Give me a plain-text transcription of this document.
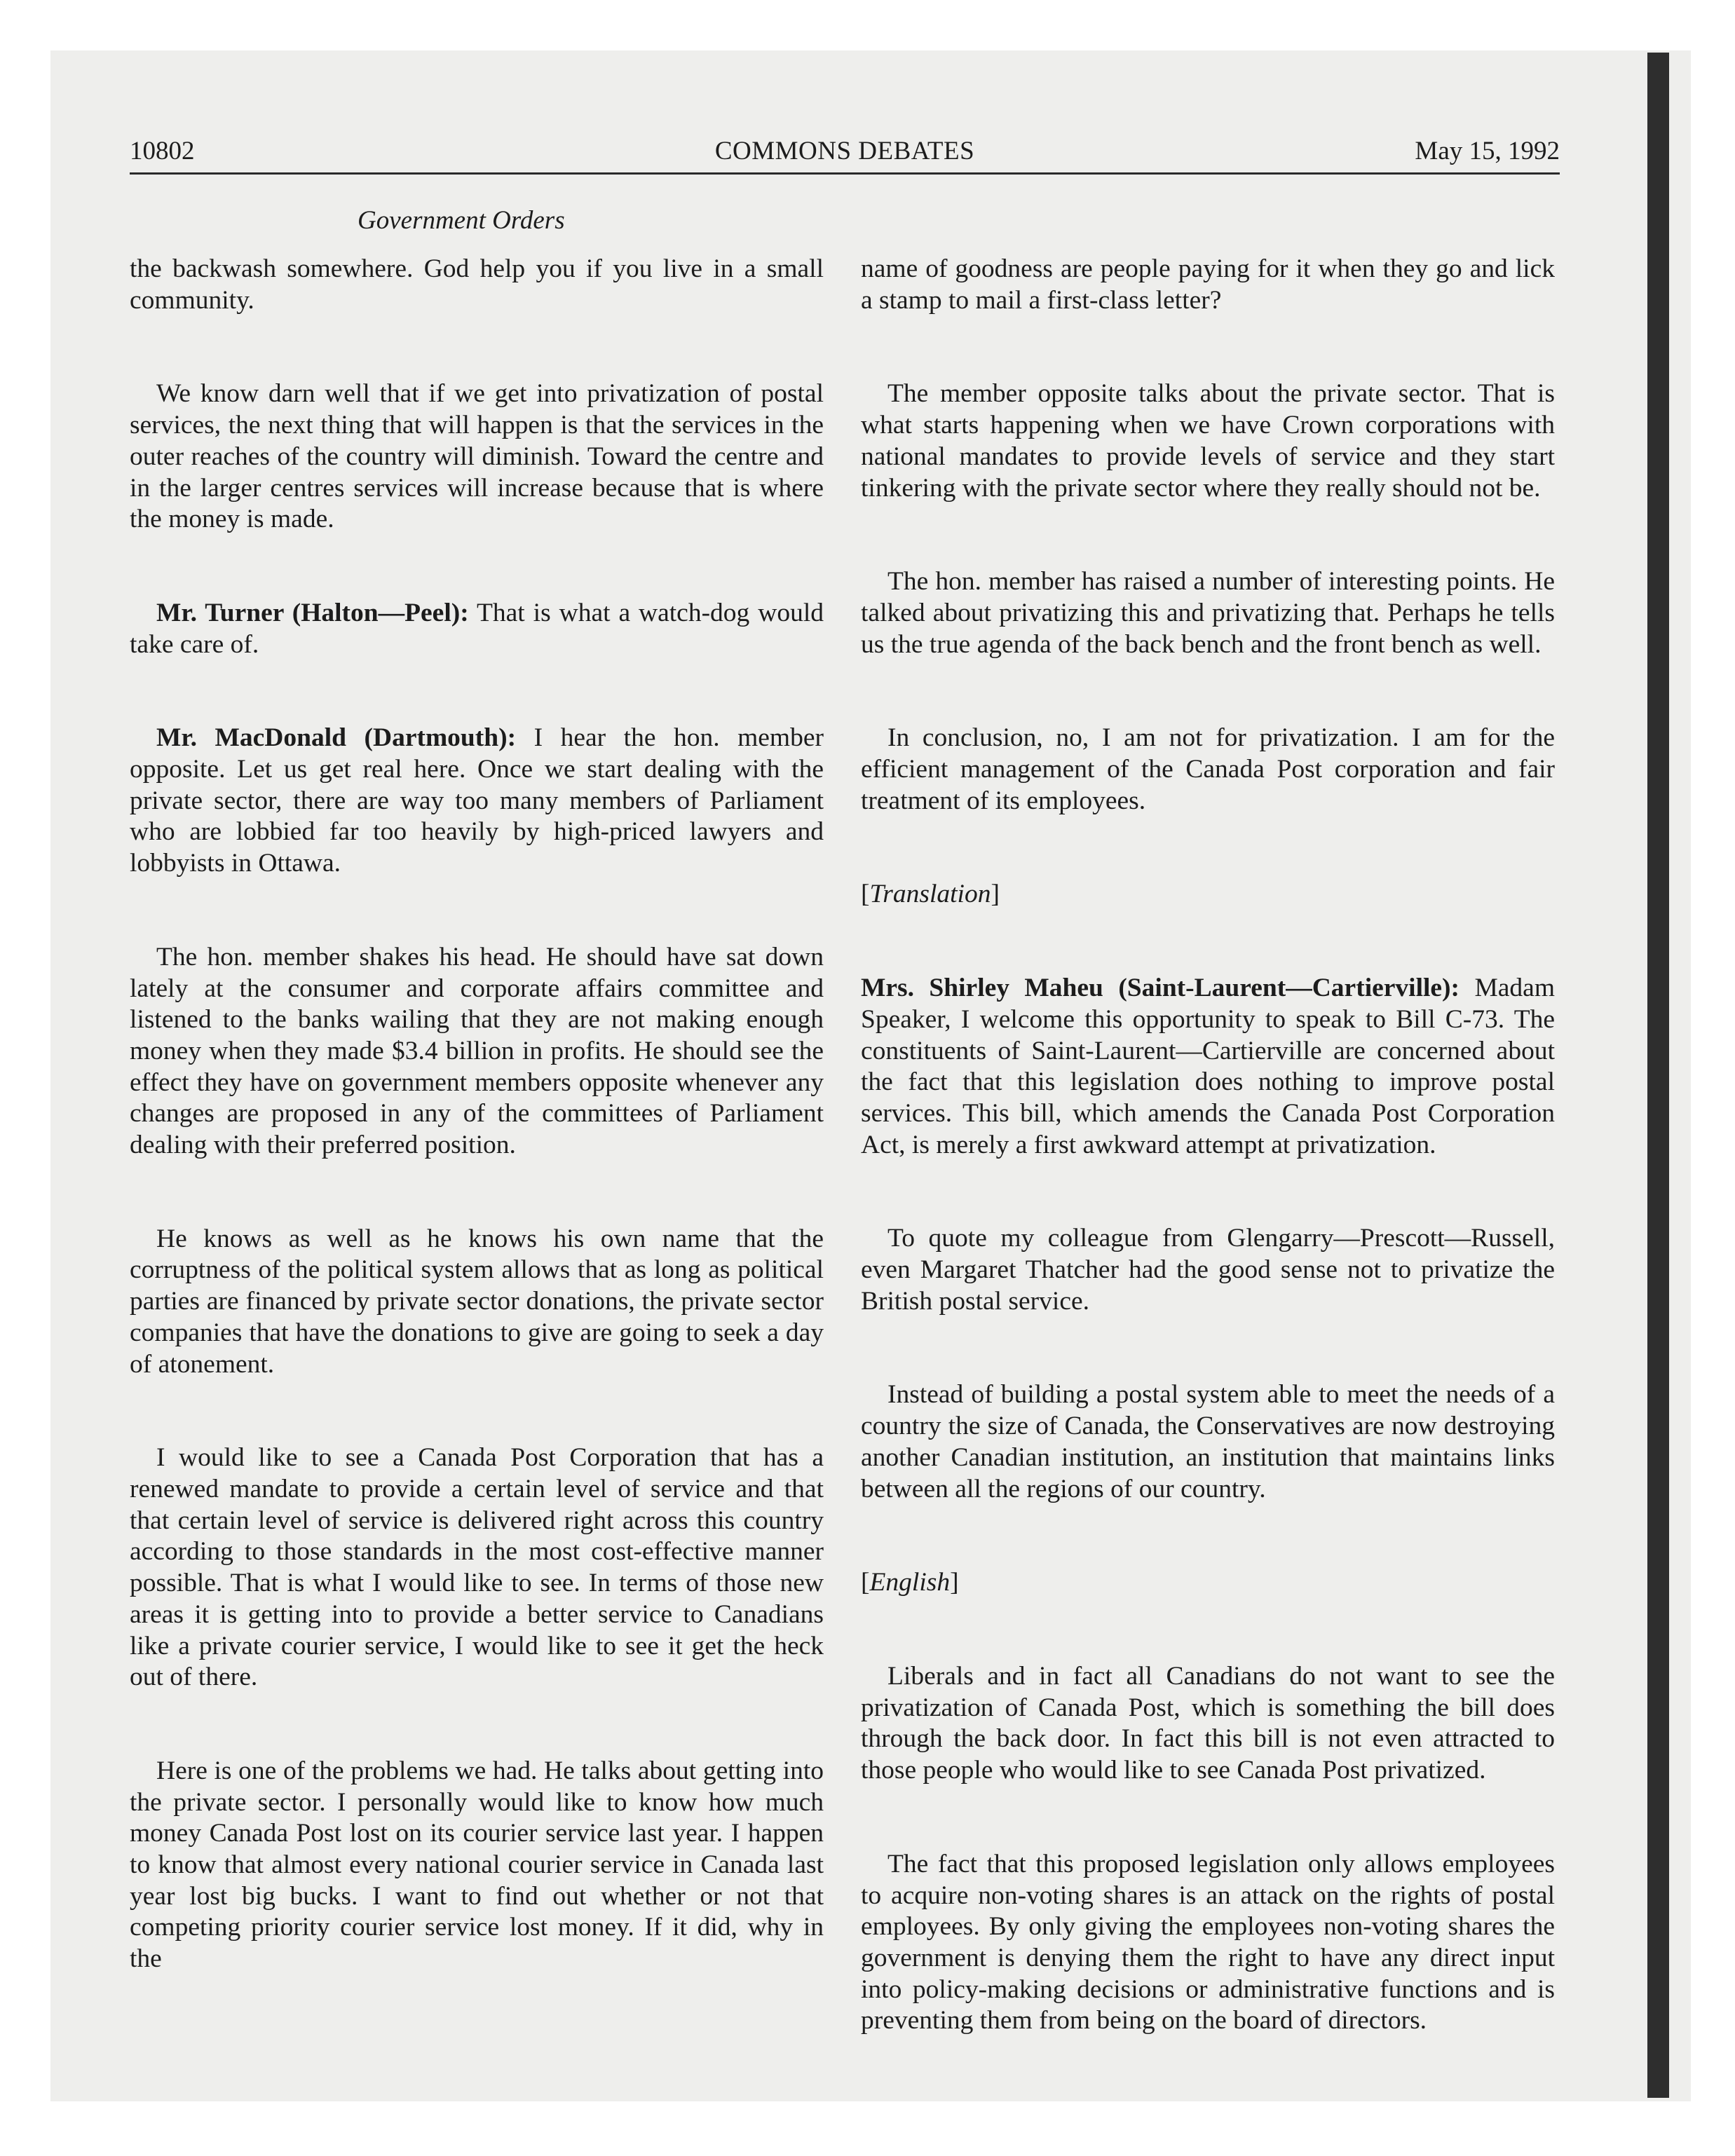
10802	COMMONS DEBATES	May 15, 1992
Government Orders

the backwash somewhere. God help you if you live in a small community.

We know darn well that if we get into privatization of postal services, the next thing that will happen is that the services in the outer reaches of the country will diminish. Toward the centre and in the larger centres services will increase because that is where the money is made.

Mr. Turner (Halton—Peel): That is what a watch-dog would take care of.

Mr. MacDonald (Dartmouth): I hear the hon. member opposite. Let us get real here. Once we start dealing with the private sector, there are way too many members of Parliament who are lobbied far too heavily by high-priced lawyers and lobbyists in Ottawa.

The hon. member shakes his head. He should have sat down lately at the consumer and corporate affairs committee and listened to the banks wailing that they are not making enough money when they made $3.4 billion in profits. He should see the effect they have on government members opposite whenever any changes are proposed in any of the committees of Parliament dealing with their preferred position.

He knows as well as he knows his own name that the corruptness of the political system allows that as long as political parties are financed by private sector donations, the private sector companies that have the donations to give are going to seek a day of atonement.

I would like to see a Canada Post Corporation that has a renewed mandate to provide a certain level of service and that that certain level of service is delivered right across this country according to those standards in the most cost-effective manner possible. That is what I would like to see. In terms of those new areas it is getting into to provide a better service to Canadians like a private courier service, I would like to see it get the heck out of there.

Here is one of the problems we had. He talks about getting into the private sector. I personally would like to know how much money Canada Post lost on its courier service last year. I happen to know that almost every national courier service in Canada last year lost big bucks. I want to find out whether or not that competing priority courier service lost money. If it did, why in the

name of goodness are people paying for it when they go and lick a stamp to mail a first-class letter?

The member opposite talks about the private sector. That is what starts happening when we have Crown corporations with national mandates to provide levels of service and they start tinkering with the private sector where they really should not be.

The hon. member has raised a number of interesting points. He talked about privatizing this and privatizing that. Perhaps he tells us the true agenda of the back bench and the front bench as well.

In conclusion, no, I am not for privatization. I am for the efficient management of the Canada Post corporation and fair treatment of its employees.

[Translation]

Mrs. Shirley Maheu (Saint-Laurent—Cartierville): Madam Speaker, I welcome this opportunity to speak to Bill C-73. The constituents of Saint-Laurent—Cartierville are concerned about the fact that this legislation does nothing to improve postal services. This bill, which amends the Canada Post Corporation Act, is merely a first awkward attempt at privatization.

To quote my colleague from Glengarry—Prescott—Russell, even Margaret Thatcher had the good sense not to privatize the British postal service.

Instead of building a postal system able to meet the needs of a country the size of Canada, the Conservatives are now destroying another Canadian institution, an institution that maintains links between all the regions of our country.

[English]

Liberals and in fact all Canadians do not want to see the privatization of Canada Post, which is something the bill does through the back door. In fact this bill is not even attracted to those people who would like to see Canada Post privatized.

The fact that this proposed legislation only allows employees to acquire non-voting shares is an attack on the rights of postal employees. By only giving the employees non-voting shares the government is denying them the right to have any direct input into policy-making decisions or administrative functions and is preventing them from being on the board of directors.
